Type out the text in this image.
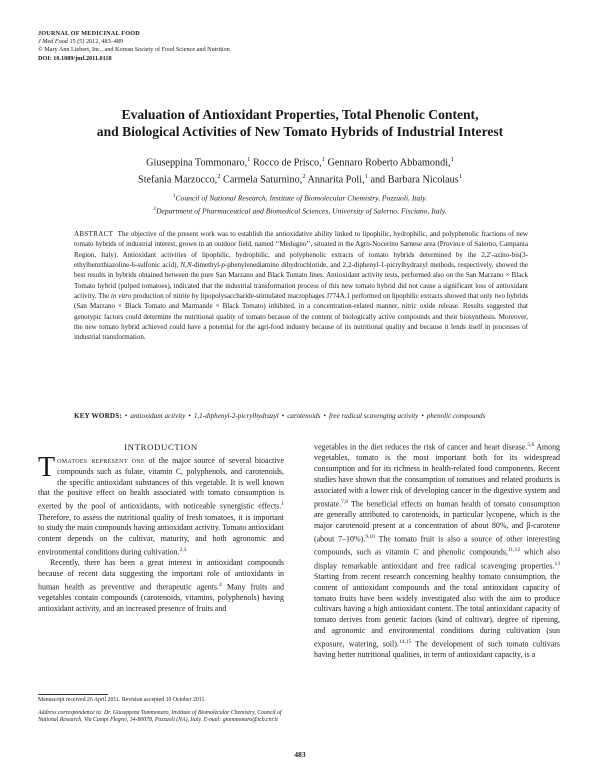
JOURNAL OF MEDICINAL FOOD
J Med Food 15 (5) 2012, 483–489
© Mary Ann Liebert, Inc., and Korean Society of Food Science and Nutrition
DOI: 10.1089/jmf.2011.0118
Evaluation of Antioxidant Properties, Total Phenolic Content,
and Biological Activities of New Tomato Hybrids of Industrial Interest
Giuseppina Tommonaro,$^1$ Rocco de Prisco,$^1$ Gennaro Roberto Abbamondi,$^1$
Stefania Marzocco,$^2$ Carmela Saturnino,$^2$ Annarita Poli,$^1$ and Barbara Nicolaus$^1$
$^1$Council of National Research, Institute of Biomolecular Chemistry, Pozzuoli, Italy.
$^2$Department of Pharmaceutical and Biomedical Sciences, University of Salerno, Fisciano, Italy.
ABSTRACT The objective of the present work was to establish the antioxidative ability linked to lipophilic, hydrophilic, and polyphenolic fractions of new tomato hybrids of industrial interest, grown in an outdoor field, named ‘‘Medugno’’, situated in the Agro-Nocerino Sarnese area (Province of Salerno, Campania Region, Italy). Antioxidant activities of lipophilic, hydrophilic, and polyphenolic extracts of tomato hybrids determined by the 2,2′-azino-bis(3-ethylbenzthiazoline-6-sulfonic acid), N,N-dimethyl-p-phenylenediamine dihydrochloride, and 2,2-diphenyl-1-picrylhydrazyl methods, respectively, showed the best results in hybrids obtained between the pure San Marzano and Black Tomato lines. Antioxidant activity tests, performed also on the San Marzano × Black Tomato hybrid (pulped tomatoes), indicated that the industrial transformation process of this new tomato hybrid did not cause a significant loss of antioxidant activity. The in vitro production of nitrite by lipopolysaccharide-stimulated macrophages J774A.1 performed on lipophilic extracts showed that only two hybrids (San Marzano × Black Tomato and Marmande × Black Tomato) inhibited, in a concentration-related manner, nitric oxide release. Results suggested that genotypic factors could determine the nutritional quality of tomato because of the content of biologically active compounds and their biosynthesis. Moreover, the new tomato hybrid achieved could have a potential for the agri-food industry because of its nutritional quality and because it lends itself in processes of industrial transformation.
KEY WORDS: • antioxidant activity • 1,1-diphenyl-2-picrylhydrazyl • carotenoids • free radical scavenging activity • phenolic compounds
INTRODUCTION

Tomatoes represent one of the major source of several bioactive compounds such as folate, vitamin C, polyphenols, and carotenoids, the specific antioxidant substances of this vegetable. It is well known that the positive effect on health associated with tomato consumption is exerted by the pool of antioxidants, with noticeable synergistic effects.$^1$ Therefore, to assess the nutritional quality of fresh tomatoes, it is important to study the main compounds having antioxidant activity. Tomato antioxidant content depends on the cultivar, maturity, and both agronomic and environmental conditions during cultivation.$^{2,3}$

Recently, there has been a great interest in antioxidant compounds because of recent data suggesting the important role of antioxidants in human health as preventive and therapeutic agents.$^4$ Many fruits and vegetables contain compounds (carotenoids, vitamins, polyphenols) having antioxidant activity, and an increased presence of fruits and

vegetables in the diet reduces the risk of cancer and heart disease.$^{5,6}$ Among vegetables, tomato is the most important both for its widespread consumption and for its richness in health-related food components. Recent studies have shown that the consumption of tomatoes and related products is associated with a lower risk of developing cancer in the digestive system and prostate.$^{7,8}$ The beneficial effects on human health of tomato consumption are generally attributed to carotenoids, in particular lycopene, which is the major carotenoid present at a concentration of about 80%, and β-carotene (about 7–10%).$^{9,10}$ The tomato fruit is also a source of other interesting compounds, such as vitamin C and phenolic compounds,$^{11,12}$ which also display remarkable antioxidant and free radical scavenging properties.$^{13}$ Starting from recent research concerning healthy tomato consumption, the content of antioxidant compounds and the total antioxidant capacity of tomato fruits have been widely investigated also with the aim to produce cultivars having a high antioxidant content. The total antioxidant capacity of tomato derives from genetic factors (kind of cultivar), degree of ripening, and agronomic and environmental conditions during cultivation (sun exposure, watering, soil).$^{14,15}$ The development of such tomato cultivars having better nutritional qualities, in term of antioxidant capacity, is a

Manuscript received 26 April 2011. Revision accepted 10 October 2011.

Address correspondence to: Dr. Giuseppina Tommonaro, Institute of Biomolecular Chemistry, Council of National Research, Via Campi Flegrei, 34-80078, Pozzuoli (NA), Italy. E-mail: gtommonaro@icb.cnr.it

483
